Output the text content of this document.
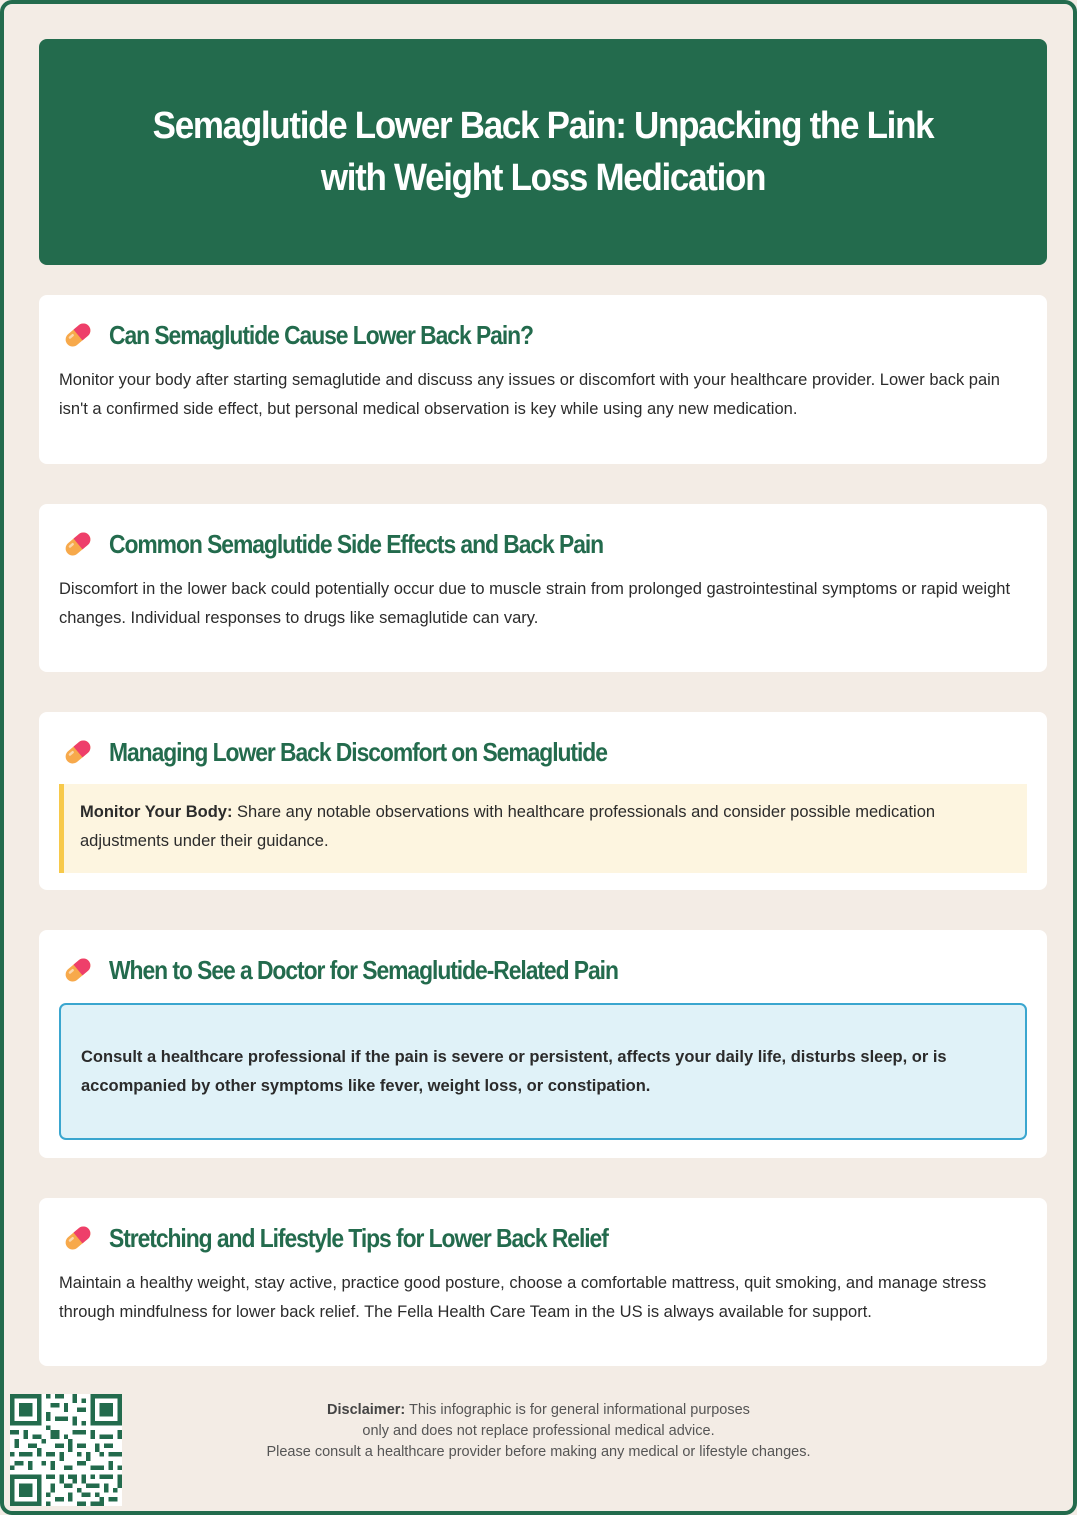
Semaglutide Lower Back Pain: Unpacking the Link with Weight Loss Medication
Can Semaglutide Cause Lower Back Pain?

Monitor your body after starting semaglutide and discuss any issues or discomfort with your healthcare provider. Lower back pain isn't a confirmed side effect, but personal medical observation is key while using any new medication.

Common Semaglutide Side Effects and Back Pain

Discomfort in the lower back could potentially occur due to muscle strain from prolonged gastrointestinal symptoms or rapid weight changes. Individual responses to drugs like semaglutide can vary.

Managing Lower Back Discomfort on Semaglutide
Monitor Your Body: Share any notable observations with healthcare professionals and consider possible medication adjustments under their guidance.
When to See a Doctor for Semaglutide-Related Pain

Consult a healthcare professional if the pain is severe or persistent, affects your daily life, disturbs sleep, or is accompanied by other symptoms like fever, weight loss, or constipation.

Stretching and Lifestyle Tips for Lower Back Relief

Maintain a healthy weight, stay active, practice good posture, choose a comfortable mattress, quit smoking, and manage stress through mindfulness for lower back relief. The Fella Health Care Team in the US is always available for support.

Disclaimer: This infographic is for general informational purposes

only and does not replace professional medical advice.

Please consult a healthcare provider before making any medical or lifestyle changes.
